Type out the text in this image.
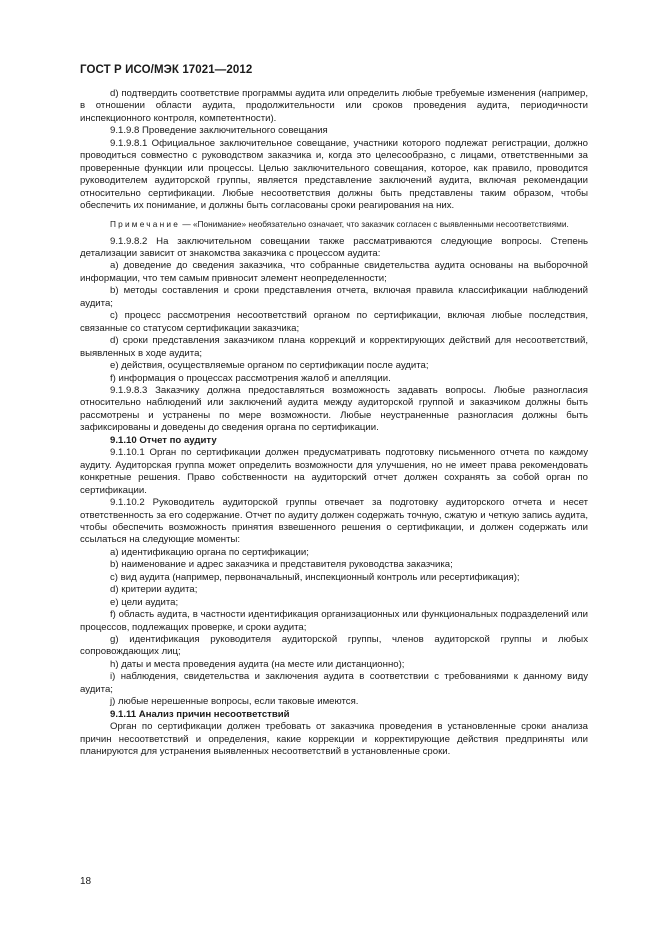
ГОСТ Р ИСО/МЭК 17021—2012

d) подтвердить соответствие программы аудита или определить любые требуемые изменения (например, в отношении области аудита, продолжительности или сроков проведения аудита, периодичности инспекционного контроля, компетентности).

9.1.9.8 Проведение заключительного совещания

9.1.9.8.1 Официальное заключительное совещание, участники которого подлежат регистрации, должно проводиться совместно с руководством заказчика и, когда это целесообразно, с лицами, ответственными за проверенные функции или процессы. Целью заключительного совещания, которое, как правило, проводится руководителем аудиторской группы, является представление заключений аудита, включая рекомендации относительно сертификации. Любые несоответствия должны быть представлены таким образом, чтобы обеспечить их понимание, и должны быть согласованы сроки реагирования на них.

Примечание — «Понимание» необязательно означает, что заказчик согласен с выявленными несоответствиями.

9.1.9.8.2 На заключительном совещании также рассматриваются следующие вопросы. Степень детализации зависит от знакомства заказчика с процессом аудита:

a) доведение до сведения заказчика, что собранные свидетельства аудита основаны на выборочной информации, что тем самым привносит элемент неопределенности;

b) методы составления и сроки представления отчета, включая правила классификации наблюдений аудита;

c) процесс рассмотрения несоответствий органом по сертификации, включая любые последствия, связанные со статусом сертификации заказчика;

d) сроки представления заказчиком плана коррекций и корректирующих действий для несоответствий, выявленных в ходе аудита;

e) действия, осуществляемые органом по сертификации после аудита;

f) информация о процессах рассмотрения жалоб и апелляции.

9.1.9.8.3 Заказчику должна предоставляться возможность задавать вопросы. Любые разногласия относительно наблюдений или заключений аудита между аудиторской группой и заказчиком должны быть рассмотрены и устранены по мере возможности. Любые неустраненные разногласия должны быть зафиксированы и доведены до сведения органа по сертификации.

9.1.10 Отчет по аудиту

9.1.10.1 Орган по сертификации должен предусматривать подготовку письменного отчета по каждому аудиту. Аудиторская группа может определить возможности для улучшения, но не имеет права рекомендовать конкретные решения. Право собственности на аудиторский отчет должен сохранять за собой орган по сертификации.

9.1.10.2 Руководитель аудиторской группы отвечает за подготовку аудиторского отчета и несет ответственность за его содержание. Отчет по аудиту должен содержать точную, сжатую и четкую запись аудита, чтобы обеспечить возможность принятия взвешенного решения о сертификации, и должен содержать или ссылаться на следующие моменты:

a) идентификацию органа по сертификации;

b) наименование и адрес заказчика и представителя руководства заказчика;

c) вид аудита (например, первоначальный, инспекционный контроль или ресертификация);

d) критерии аудита;

e) цели аудита;

f) область аудита, в частности идентификация организационных или функциональных подразделений или процессов, подлежащих проверке, и сроки аудита;

g) идентификация руководителя аудиторской группы, членов аудиторской группы и любых сопровождающих лиц;

h) даты и места проведения аудита (на месте или дистанционно);

i) наблюдения, свидетельства и заключения аудита в соответствии с требованиями к данному виду аудита;

j) любые нерешенные вопросы, если таковые имеются.

9.1.11 Анализ причин несоответствий

Орган по сертификации должен требовать от заказчика проведения в установленные сроки анализа причин несоответствий и определения, какие коррекции и корректирующие действия предприняты или планируются для устранения выявленных несоответствий в установленные сроки.

18
